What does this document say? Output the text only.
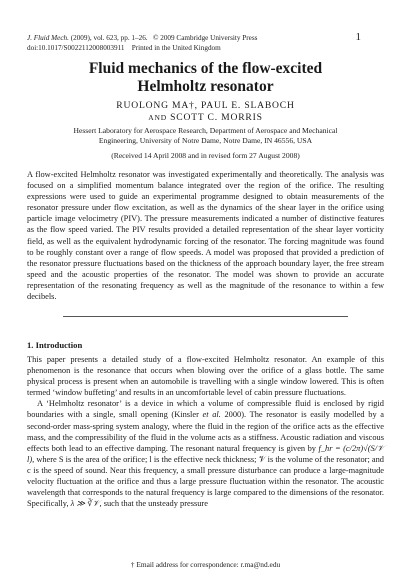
J. Fluid Mech. (2009), vol. 623, pp. 1–26. © 2009 Cambridge University Press
doi:10.1017/S0022112008003911 Printed in the United Kingdom
1
Fluid mechanics of the flow-excited
Helmholtz resonator
RUOLONG MA†, PAUL E. SLABOCH
AND SCOTT C. MORRIS
Hessert Laboratory for Aerospace Research, Department of Aerospace and Mechanical
Engineering, University of Notre Dame, Notre Dame, IN 46556, USA
(Received 14 April 2008 and in revised form 27 August 2008)

A flow-excited Helmholtz resonator was investigated experimentally and theoretically. The analysis was focused on a simplified momentum balance integrated over the region of the orifice. The resulting expressions were used to guide an experimental programme designed to obtain measurements of the resonator pressure under flow excitation, as well as the dynamics of the shear layer in the orifice using particle image velocimetry (PIV). The pressure measurements indicated a number of distinctive features as the flow speed varied. The PIV results provided a detailed representation of the shear layer vorticity field, as well as the equivalent hydrodynamic forcing of the resonator. The forcing magnitude was found to be roughly constant over a range of flow speeds. A model was proposed that provided a prediction of the resonator pressure fluctuations based on the thickness of the approach boundary layer, the free stream speed and the acoustic properties of the resonator. The model was shown to provide an accurate representation of the resonating frequency as well as the magnitude of the resonance to within a few decibels.

1. Introduction

This paper presents a detailed study of a flow-excited Helmholtz resonator. An example of this phenomenon is the resonance that occurs when blowing over the orifice of a glass bottle. The same physical process is present when an automobile is travelling with a single window lowered. This is often termed ‘window buffeting’ and results in an uncomfortable level of cabin pressure fluctuations.

A ‘Helmholtz resonator’ is a device in which a volume of compressible fluid is enclosed by rigid boundaries with a single, small opening (Kinsler et al. 2000). The resonator is easily modelled by a second-order mass-spring system analogy, where the fluid in the region of the orifice acts as the effective mass, and the compressibility of the fluid in the volume acts as a stiffness. Acoustic radiation and viscous effects both lead to an effective damping. The resonant natural frequency is given by f_hr = (c/2π)√(S/𝒱 l), where S is the area of the orifice; l is the effective neck thickness; 𝒱 is the volume of the resonator; and c is the speed of sound. Near this frequency, a small pressure disturbance can produce a large-magnitude velocity fluctuation at the orifice and thus a large pressure fluctuation within the resonator. The acoustic wavelength that corresponds to the natural frequency is large compared to the dimensions of the resonator. Specifically, λ ≫ ∛𝒱, such that the unsteady pressure

† Email address for correspondence: r.ma@nd.edu
